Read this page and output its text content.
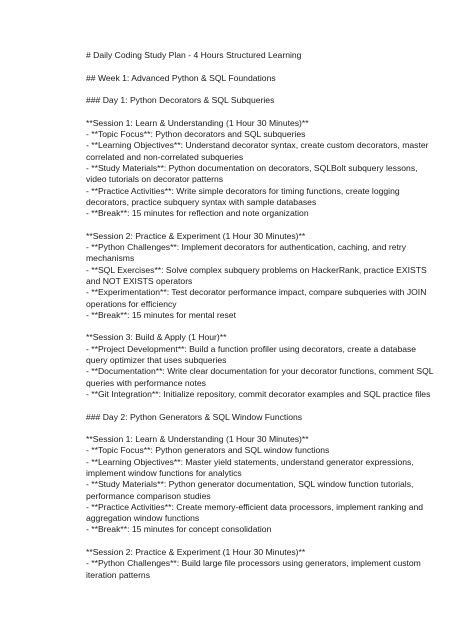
# Daily Coding Study Plan - 4 Hours Structured Learning
## Week 1: Advanced Python & SQL Foundations
### Day 1: Python Decorators & SQL Subqueries
**Session 1: Learn & Understanding (1 Hour 30 Minutes)**
- **Topic Focus**: Python decorators and SQL subqueries
- **Learning Objectives**: Understand decorator syntax, create custom decorators, master
correlated and non-correlated subqueries
- **Study Materials**: Python documentation on decorators, SQLBolt subquery lessons,
video tutorials on decorator patterns
- **Practice Activities**: Write simple decorators for timing functions, create logging
decorators, practice subquery syntax with sample databases
- **Break**: 15 minutes for reflection and note organization
**Session 2: Practice & Experiment (1 Hour 30 Minutes)**
- **Python Challenges**: Implement decorators for authentication, caching, and retry
mechanisms
- **SQL Exercises**: Solve complex subquery problems on HackerRank, practice EXISTS
and NOT EXISTS operators
- **Experimentation**: Test decorator performance impact, compare subqueries with JOIN
operations for efficiency
- **Break**: 15 minutes for mental reset
**Session 3: Build & Apply (1 Hour)**
- **Project Development**: Build a function profiler using decorators, create a database
query optimizer that uses subqueries
- **Documentation**: Write clear documentation for your decorator functions, comment SQL
queries with performance notes
- **Git Integration**: Initialize repository, commit decorator examples and SQL practice files
### Day 2: Python Generators & SQL Window Functions
**Session 1: Learn & Understanding (1 Hour 30 Minutes)**
- **Topic Focus**: Python generators and SQL window functions
- **Learning Objectives**: Master yield statements, understand generator expressions,
implement window functions for analytics
- **Study Materials**: Python generator documentation, SQL window function tutorials,
performance comparison studies
- **Practice Activities**: Create memory-efficient data processors, implement ranking and
aggregation window functions
- **Break**: 15 minutes for concept consolidation
**Session 2: Practice & Experiment (1 Hour 30 Minutes)**
- **Python Challenges**: Build large file processors using generators, implement custom
iteration patterns
